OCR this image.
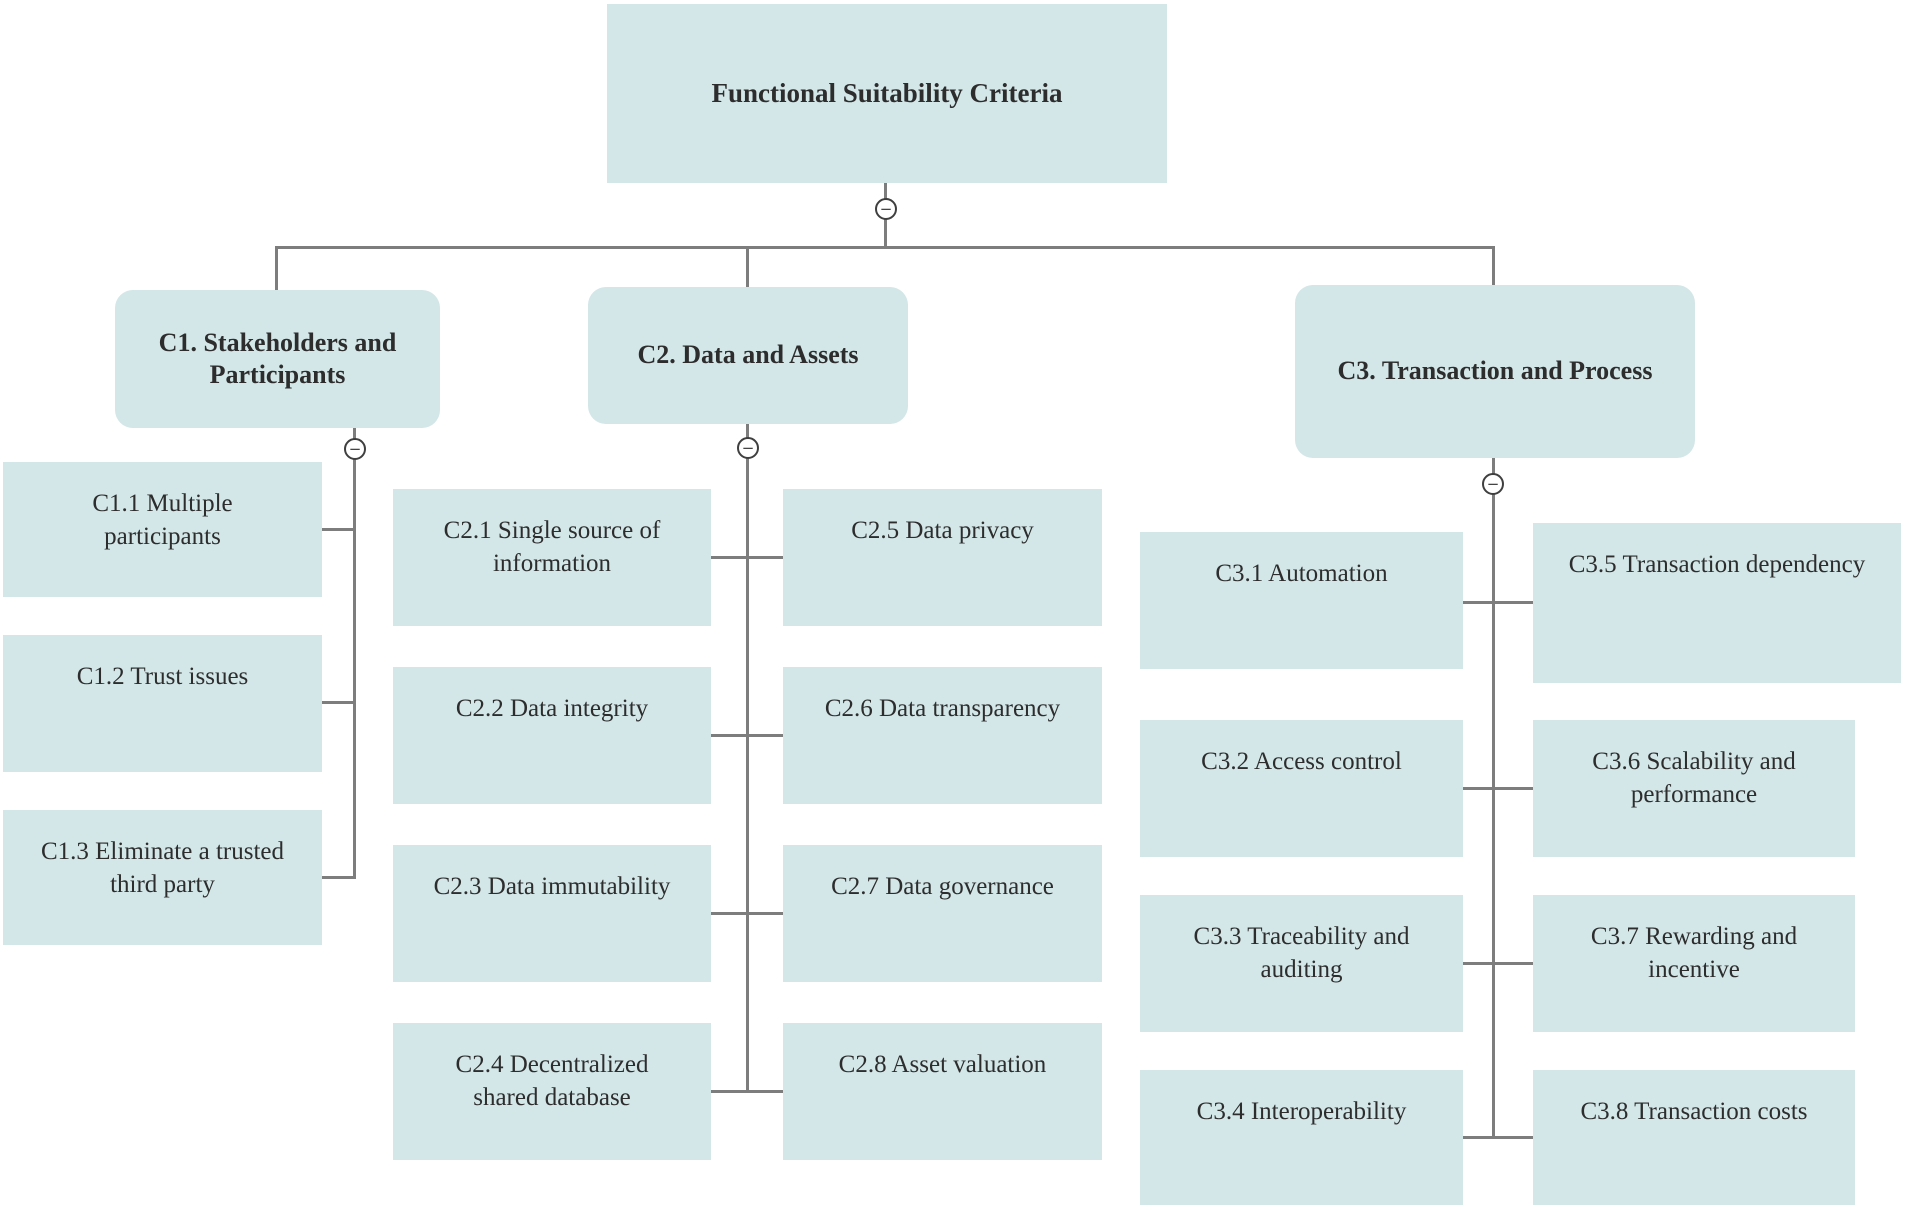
Functional Suitability Criteria
C1. Stakeholders and Participants
C2. Data and Assets
C3. Transaction and Process
C1.1 Multiple participants
C1.2 Trust issues
C1.3 Eliminate a trusted third party
C2.1 Single source of information
C2.2 Data integrity
C2.3 Data immutability
C2.4 Decentralized shared database
C2.5 Data privacy
C2.6 Data transparency
C2.7 Data governance
C2.8 Asset valuation
C3.1 Automation
C3.2 Access control
C3.3 Traceability and auditing
C3.4 Interoperability
C3.5 Transaction dependency
C3.6 Scalability and performance
C3.7 Rewarding and incentive
C3.8 Transaction costs
−
−	−
−
